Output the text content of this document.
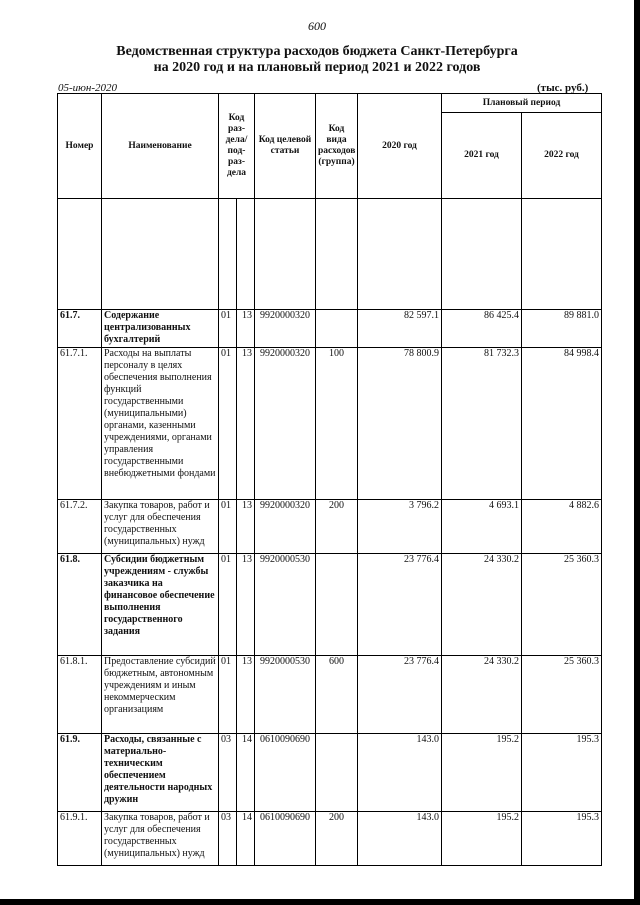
600
Ведомственная структура расходов бюджета Санкт-Петербурга
на 2020 год и на плановый период 2021 и 2022 годов
05-июн-2020	(тыс. руб.)
Номер	Наименование	Код раз-дела/ под-раз-дела		Код целевой статьи	Код вида расходов (группа)	2020 год	Плановый период	
							2021 год	2022 год

61.7.	Содержание централизованных бухгалтерий	01	13	9920000320		82 597.1	86 425.4	89 881.0
61.7.1.	Расходы на выплаты персоналу в целях обеспечения выполнения функций государственными (муниципальными) органами, казенными учреждениями, органами управления государственными внебюджетными фондами	01	13	9920000320	100	78 800.9	81 732.3	84 998.4
61.7.2.	Закупка товаров, работ и услуг для обеспечения государственных (муниципальных) нужд	01	13	9920000320	200	3 796.2	4 693.1	4 882.6
61.8.	Субсидии бюджетным учреждениям - службы заказчика на финансовое обеспечение выполнения государственного задания	01	13	9920000530		23 776.4	24 330.2	25 360.3
61.8.1.	Предоставление субсидий бюджетным, автономным учреждениям и иным некоммерческим организациям	01	13	9920000530	600	23 776.4	24 330.2	25 360.3
61.9.	Расходы, связанные с материально-техническим обеспечением деятельности народных дружин	03	14	0610090690		143.0	195.2	195.3
61.9.1.	Закупка товаров, работ и услуг для обеспечения государственных (муниципальных) нужд	03	14	0610090690	200	143.0	195.2	195.3
